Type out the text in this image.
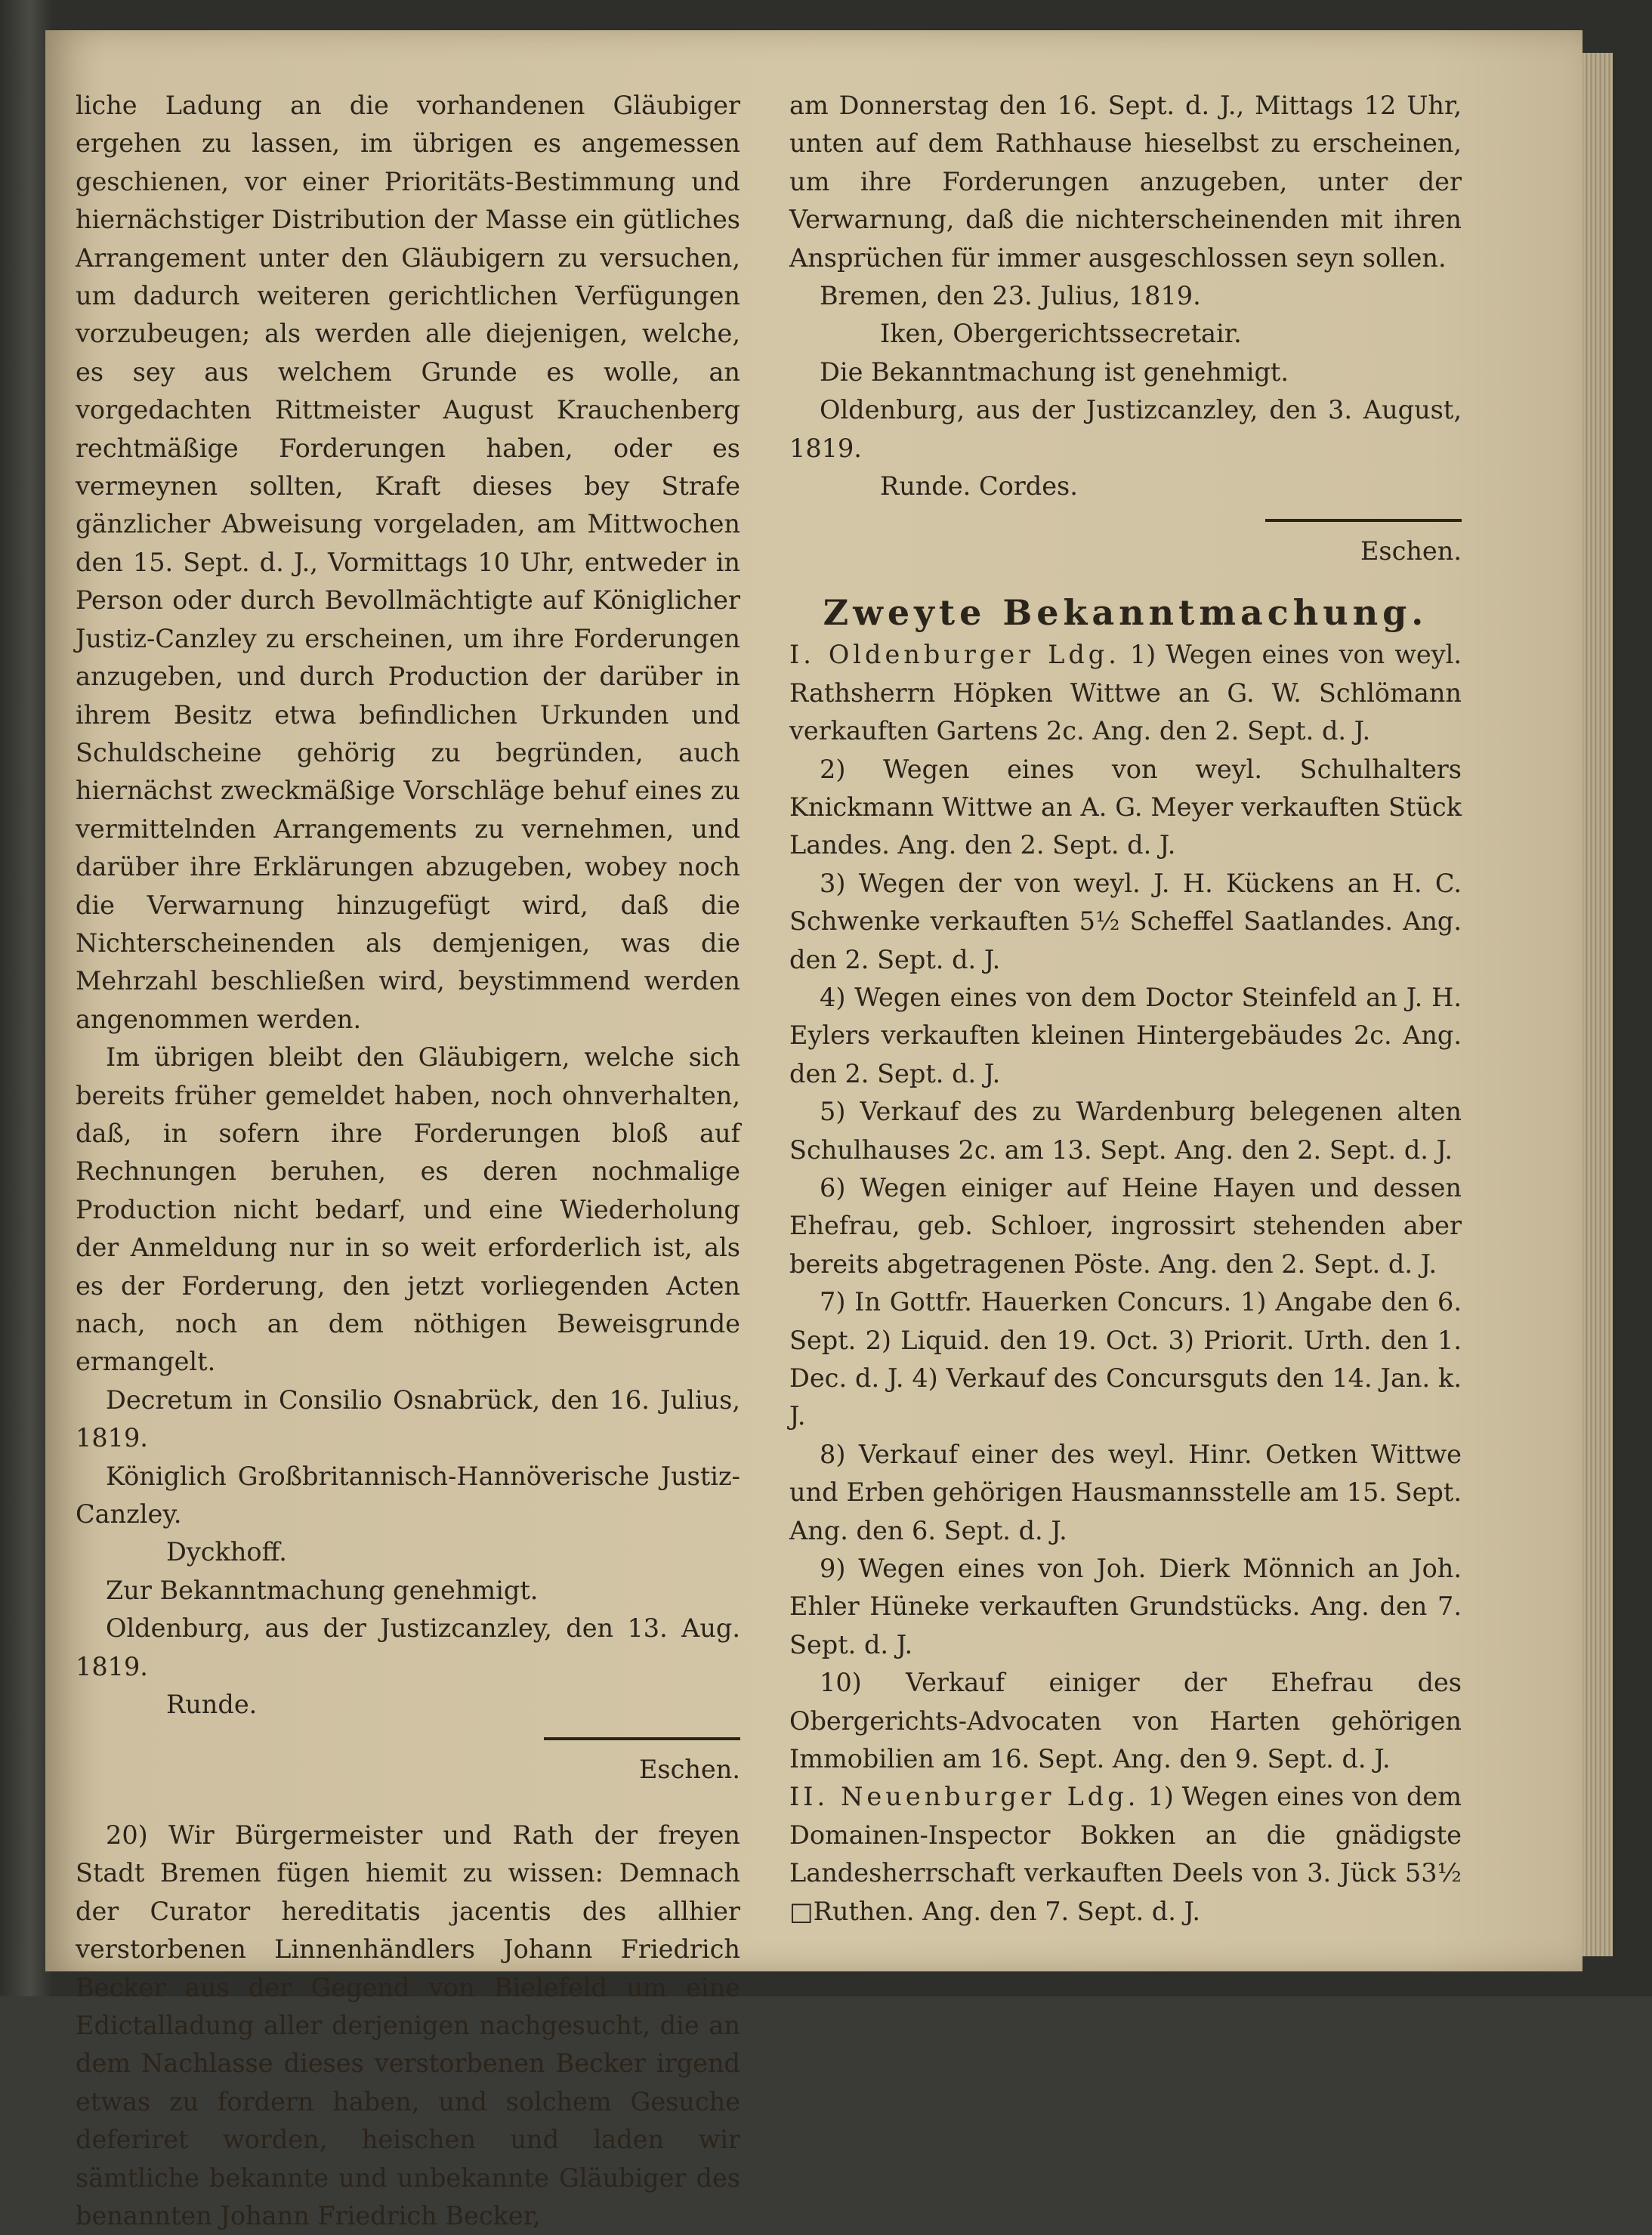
liche Ladung an die vorhandenen Gläubiger ergehen zu lassen, im übrigen es angemessen geschienen, vor einer Prioritäts-Bestimmung und hiernächstiger Distribution der Masse ein gütliches Arrangement unter den Gläubigern zu versuchen, um dadurch weiteren gerichtlichen Verfügungen vorzubeugen; als werden alle diejenigen, welche, es sey aus welchem Grunde es wolle, an vorgedachten Rittmeister August Krauchenberg rechtmäßige Forderungen haben, oder es vermeynen sollten, Kraft dieses bey Strafe gänzlicher Abweisung vorgeladen, am Mittwochen den 15. Sept. d. J., Vormittags 10 Uhr, entweder in Person oder durch Bevollmächtigte auf Königlicher Justiz-Canzley zu erscheinen, um ihre Forderungen anzugeben, und durch Production der darüber in ihrem Besitz etwa befindlichen Urkunden und Schuldscheine gehörig zu begründen, auch hiernächst zweckmäßige Vorschläge behuf eines zu vermittelnden Arrangements zu vernehmen, und darüber ihre Erklärungen abzugeben, wobey noch die Verwarnung hinzugefügt wird, daß die Nichterscheinenden als demjenigen, was die Mehrzahl beschließen wird, beystimmend werden angenommen werden.

Im übrigen bleibt den Gläubigern, welche sich bereits früher gemeldet haben, noch ohnverhalten, daß, in sofern ihre Forderungen bloß auf Rechnungen beruhen, es deren nochmalige Production nicht bedarf, und eine Wiederholung der Anmeldung nur in so weit erforderlich ist, als es der Forderung, den jetzt vorliegenden Acten nach, noch an dem nöthigen Beweisgrunde ermangelt.

Decretum in Consilio Osnabrück, den 16. Julius, 1819.

Königlich Großbritannisch-Hannöverische Justiz-Canzley.

Dyckhoff.

Zur Bekanntmachung genehmigt.

Oldenburg, aus der Justizcanzley, den 13. Aug. 1819.

Runde.

Eschen.

20) Wir Bürgermeister und Rath der freyen Stadt Bremen fügen hiemit zu wissen: Demnach der Curator hereditatis jacentis des allhier verstorbenen Linnenhändlers Johann Friedrich Becker aus der Gegend von Bielefeld um eine Edictalladung aller derjenigen nachgesucht, die an dem Nachlasse dieses verstorbenen Becker irgend etwas zu fordern haben, und solchem Gesuche deferiret worden, heischen und laden wir sämtliche bekannte und unbekannte Gläubiger des benannten Johann Friedrich Becker,

am Donnerstag den 16. Sept. d. J., Mittags 12 Uhr, unten auf dem Rathhause hieselbst zu erscheinen, um ihre Forderungen anzugeben, unter der Verwarnung, daß die nichterscheinenden mit ihren Ansprüchen für immer ausgeschlossen seyn sollen.

Bremen, den 23. Julius, 1819.

Iken, Obergerichtssecretair.

Die Bekanntmachung ist genehmigt.

Oldenburg, aus der Justizcanzley, den 3. August, 1819.

Runde. Cordes.

Eschen.

Zweyte Bekanntmachung.

I. Oldenburger Ldg. 1) Wegen eines von weyl. Rathsherrn Höpken Wittwe an G. W. Schlömann verkauften Gartens 2c. Ang. den 2. Sept. d. J.

2) Wegen eines von weyl. Schulhalters Knickmann Wittwe an A. G. Meyer verkauften Stück Landes. Ang. den 2. Sept. d. J.

3) Wegen der von weyl. J. H. Kückens an H. C. Schwenke verkauften 5½ Scheffel Saatlandes. Ang. den 2. Sept. d. J.

4) Wegen eines von dem Doctor Steinfeld an J. H. Eylers verkauften kleinen Hintergebäudes 2c. Ang. den 2. Sept. d. J.

5) Verkauf des zu Wardenburg belegenen alten Schulhauses 2c. am 13. Sept. Ang. den 2. Sept. d. J.

6) Wegen einiger auf Heine Hayen und dessen Ehefrau, geb. Schloer, ingrossirt stehenden aber bereits abgetragenen Pöste. Ang. den 2. Sept. d. J.

7) In Gottfr. Hauerken Concurs. 1) Angabe den 6. Sept. 2) Liquid. den 19. Oct. 3) Priorit. Urth. den 1. Dec. d. J. 4) Verkauf des Concursguts den 14. Jan. k. J.

8) Verkauf einer des weyl. Hinr. Oetken Wittwe und Erben gehörigen Hausmannsstelle am 15. Sept. Ang. den 6. Sept. d. J.

9) Wegen eines von Joh. Dierk Mönnich an Joh. Ehler Hüneke verkauften Grundstücks. Ang. den 7. Sept. d. J.

10) Verkauf einiger der Ehefrau des Obergerichts-Advocaten von Harten gehörigen Immobilien am 16. Sept. Ang. den 9. Sept. d. J.

II. Neuenburger Ldg. 1) Wegen eines von dem Domainen-Inspector Bokken an die gnädigste Landesherrschaft verkauften Deels von 3. Jück 53½ □Ruthen. Ang. den 7. Sept. d. J.
